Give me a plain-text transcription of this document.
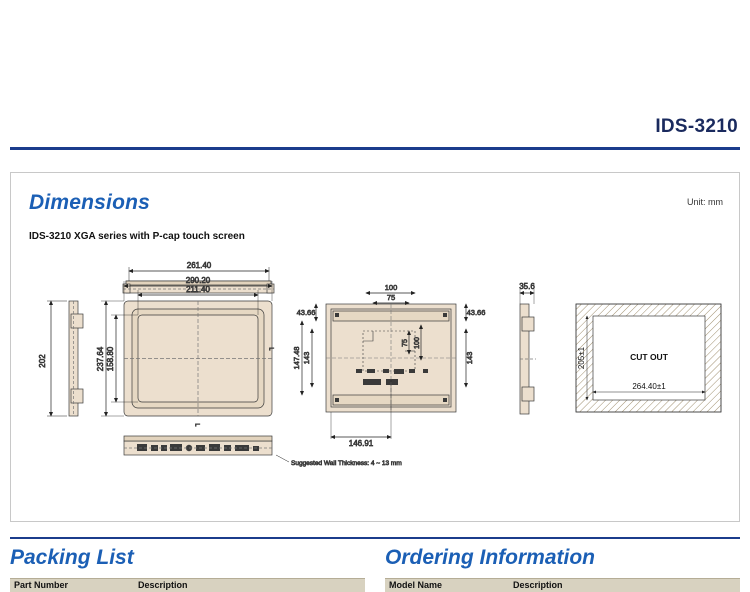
IDS-3210
Dimensions	Unit: mm
IDS-3210 XGA series with P-cap touch screen
202
261.40
⌐
⌐
290.20
211.40
237.64 158.80
100
75
75 100
43.66
143
147.48
43.66
143
146.91
Suggested Wall Thickness: 4 ~ 13 mm
35.6
CUT OUT
264.40±1
205±1
Packing List	Ordering Information
Part Number	Description	Model Name	Description
